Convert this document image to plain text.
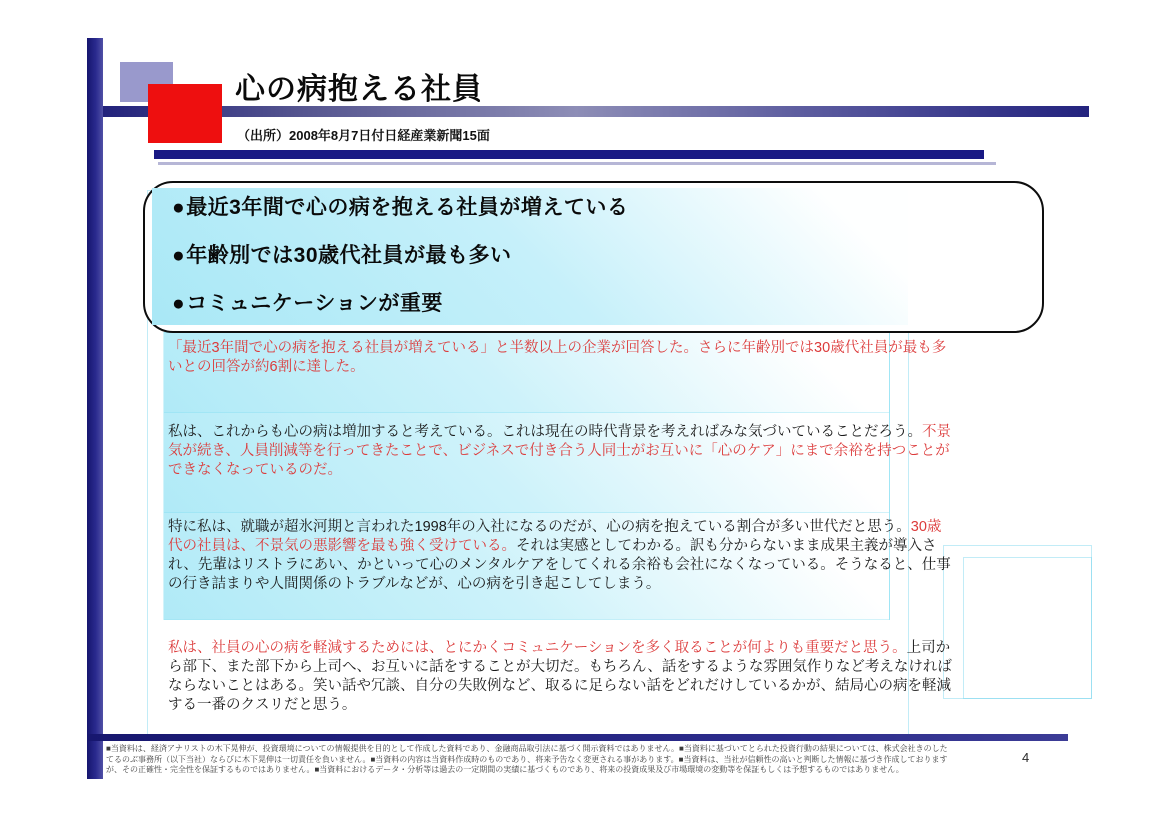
心の病抱える社員
（出所）2008年8月7日付日経産業新聞15面
●最近3年間で心の病を抱える社員が増えている
●年齢別では30歳代社員が最も多い
●コミュニケーションが重要
「最近3年間で心の病を抱える社員が増えている」と半数以上の企業が回答した。さらに年齢別では30歳代社員が最も多いとの回答が約6割に達した。
私は、これからも心の病は増加すると考えている。これは現在の時代背景を考えればみな気づいていることだろう。不景気が続き、人員削減等を行ってきたことで、ビジネスで付き合う人同士がお互いに「心のケア」にまで余裕を持つことができなくなっているのだ。
特に私は、就職が超氷河期と言われた1998年の入社になるのだが、心の病を抱えている割合が多い世代だと思う。30歳代の社員は、不景気の悪影響を最も強く受けている。それは実感としてわかる。訳も分からないまま成果主義が導入され、先輩はリストラにあい、かといって心のメンタルケアをしてくれる余裕も会社になくなっている。そうなると、仕事の行き詰まりや人間関係のトラブルなどが、心の病を引き起こしてしまう。
私は、社員の心の病を軽減するためには、とにかくコミュニケーションを多く取ることが何よりも重要だと思う。上司から部下、また部下から上司へ、お互いに話をすることが大切だ。もちろん、話をするような雰囲気作りなど考えなければならないことはある。笑い話や冗談、自分の失敗例など、取るに足らない話をどれだけしているかが、結局心の病を軽減する一番のクスリだと思う。
■当資料は、経済アナリストの木下晃伸が、投資環境についての情報提供を目的として作成した資料であり、金融商品取引法に基づく開示資料ではありません。■当資料に基づいてとられた投資行動の結果については、株式会社きのした
てるのぶ事務所（以下当社）ならびに木下晃伸は一切責任を負いません。■当資料の内容は当資料作成時のものであり、将来予告なく変更される事があります。■当資料は、当社が信頼性の高いと判断した情報に基づき作成しております
が、その正確性・完全性を保証するものではありません。■当資料におけるデータ・分析等は過去の一定期間の実績に基づくものであり、将来の投資成果及び市場環境の変動等を保証もしくは予想するものではありません。
4
